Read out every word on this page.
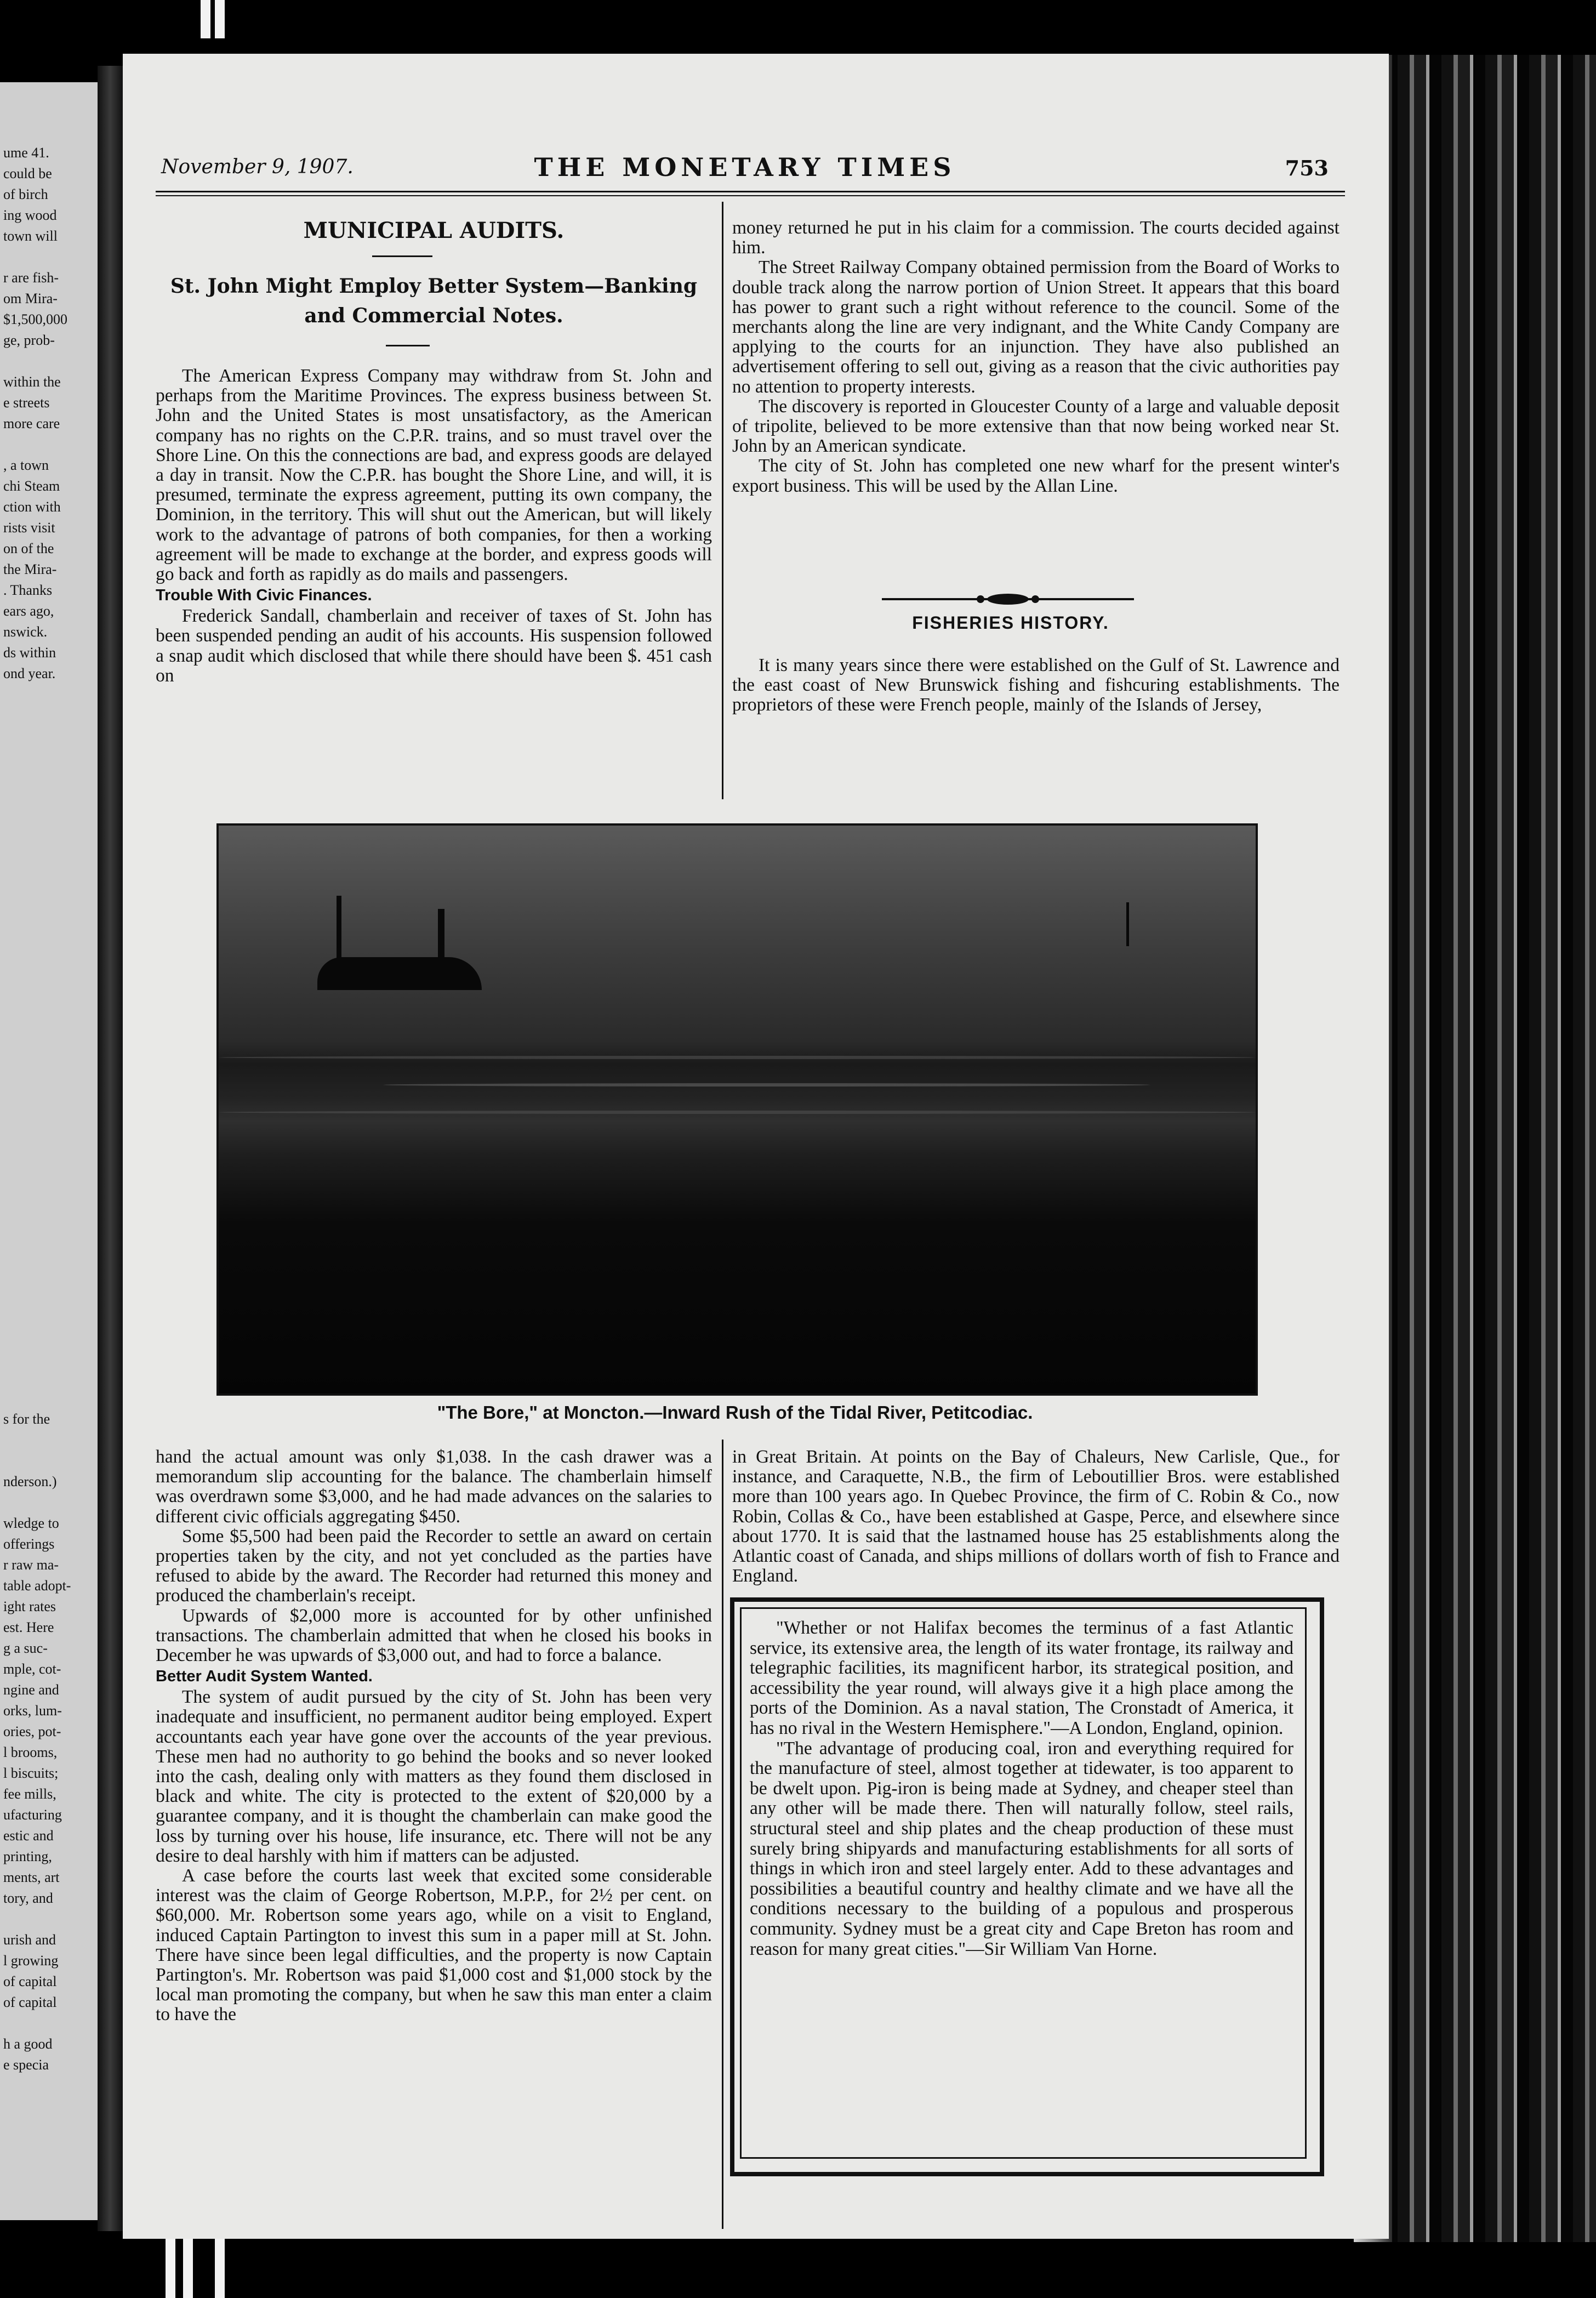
ume 41.
could be
of birch
ing wood
town will
r are fish-
om Mira-
$1,500,000
ge, prob-
within the
e streets
more care
, a town
chi Steam
ction with
rists visit
on of the
the Mira-
. Thanks
ears ago,
nswick.
ds within
ond year.
s for the
nderson.)
wledge to
offerings
r raw ma-
table adopt-
ight rates
est. Here
g a suc-
mple, cot-
ngine and
orks, lum-
ories, pot-
l brooms,
l biscuits;
fee mills,
ufacturing
estic and
printing,
ments, art
tory, and
urish and
l growing
of capital
of capital
h a good
e specia
November 9, 1907.	THE MONETARY TIMES	753
MUNICIPAL AUDITS.
St. John Might Employ Better System—Banking and Commercial Notes.

The American Express Company may withdraw from St. John and perhaps from the Maritime Provinces. The express business between St. John and the United States is most unsatisfactory, as the American company has no rights on the C.P.R. trains, and so must travel over the Shore Line. On this the connections are bad, and express goods are delayed a day in transit. Now the C.P.R. has bought the Shore Line, and will, it is presumed, terminate the express agreement, putting its own company, the Dominion, in the territory. This will shut out the American, but will likely work to the advantage of patrons of both companies, for then a working agreement will be made to exchange at the border, and express goods will go back and forth as rapidly as do mails and passengers.

Trouble With Civic Finances.

Frederick Sandall, chamberlain and receiver of taxes of St. John has been suspended pending an audit of his accounts. His suspension followed a snap audit which disclosed that while there should have been $. 451 cash on

money returned he put in his claim for a commission. The courts decided against him.

The Street Railway Company obtained permission from the Board of Works to double track along the narrow portion of Union Street. It appears that this board has power to grant such a right without reference to the council. Some of the merchants along the line are very indignant, and the White Candy Company are applying to the courts for an injunction. They have also published an advertisement offering to sell out, giving as a reason that the civic authorities pay no attention to property interests.

The discovery is reported in Gloucester County of a large and valuable deposit of tripolite, believed to be more extensive than that now being worked near St. John by an American syndicate.

The city of St. John has completed one new wharf for the present winter's export business. This will be used by the Allan Line.

FISHERIES HISTORY.

It is many years since there were established on the Gulf of St. Lawrence and the east coast of New Brunswick fishing and fishcuring establishments. The proprietors of these were French people, mainly of the Islands of Jersey,

"The Bore," at Moncton.—Inward Rush of the Tidal River, Petitcodiac.

hand the actual amount was only $1,038. In the cash drawer was a memorandum slip accounting for the balance. The chamberlain himself was overdrawn some $3,000, and he had made advances on the salaries to different civic officials aggregating $450.

Some $5,500 had been paid the Recorder to settle an award on certain properties taken by the city, and not yet concluded as the parties have refused to abide by the award. The Recorder had returned this money and produced the chamberlain's receipt.

Upwards of $2,000 more is accounted for by other unfinished transactions. The chamberlain admitted that when he closed his books in December he was upwards of $3,000 out, and had to force a balance.

Better Audit System Wanted.

The system of audit pursued by the city of St. John has been very inadequate and insufficient, no permanent auditor being employed. Expert accountants each year have gone over the accounts of the year previous. These men had no authority to go behind the books and so never looked into the cash, dealing only with matters as they found them disclosed in black and white. The city is protected to the extent of $20,000 by a guarantee company, and it is thought the chamberlain can make good the loss by turning over his house, life insurance, etc. There will not be any desire to deal harshly with him if matters can be adjusted.

A case before the courts last week that excited some considerable interest was the claim of George Robertson, M.P.P., for 2½ per cent. on $60,000. Mr. Robertson some years ago, while on a visit to England, induced Captain Partington to invest this sum in a paper mill at St. John. There have since been legal difficulties, and the property is now Captain Partington's. Mr. Robertson was paid $1,000 cost and $1,000 stock by the local man promoting the company, but when he saw this man enter a claim to have the

in Great Britain. At points on the Bay of Chaleurs, New Carlisle, Que., for instance, and Caraquette, N.B., the firm of Leboutillier Bros. were established more than 100 years ago. In Quebec Province, the firm of C. Robin & Co., now Robin, Collas & Co., have been established at Gaspe, Perce, and elsewhere since about 1770. It is said that the lastnamed house has 25 establishments along the Atlantic coast of Canada, and ships millions of dollars worth of fish to France and England.

"Whether or not Halifax becomes the terminus of a fast Atlantic service, its extensive area, the length of its water frontage, its railway and telegraphic facilities, its magnificent harbor, its strategical position, and accessibility the year round, will always give it a high place among the ports of the Dominion. As a naval station, The Cronstadt of America, it has no rival in the Western Hemisphere."—A London, England, opinion.

"The advantage of producing coal, iron and everything required for the manufacture of steel, almost together at tidewater, is too apparent to be dwelt upon. Pig-iron is being made at Sydney, and cheaper steel than any other will be made there. Then will naturally follow, steel rails, structural steel and ship plates and the cheap production of these must surely bring shipyards and manufacturing establishments for all sorts of things in which iron and steel largely enter. Add to these advantages and possibilities a beautiful country and healthy climate and we have all the conditions necessary to the building of a populous and prosperous community. Sydney must be a great city and Cape Breton has room and reason for many great cities."—Sir William Van Horne.
